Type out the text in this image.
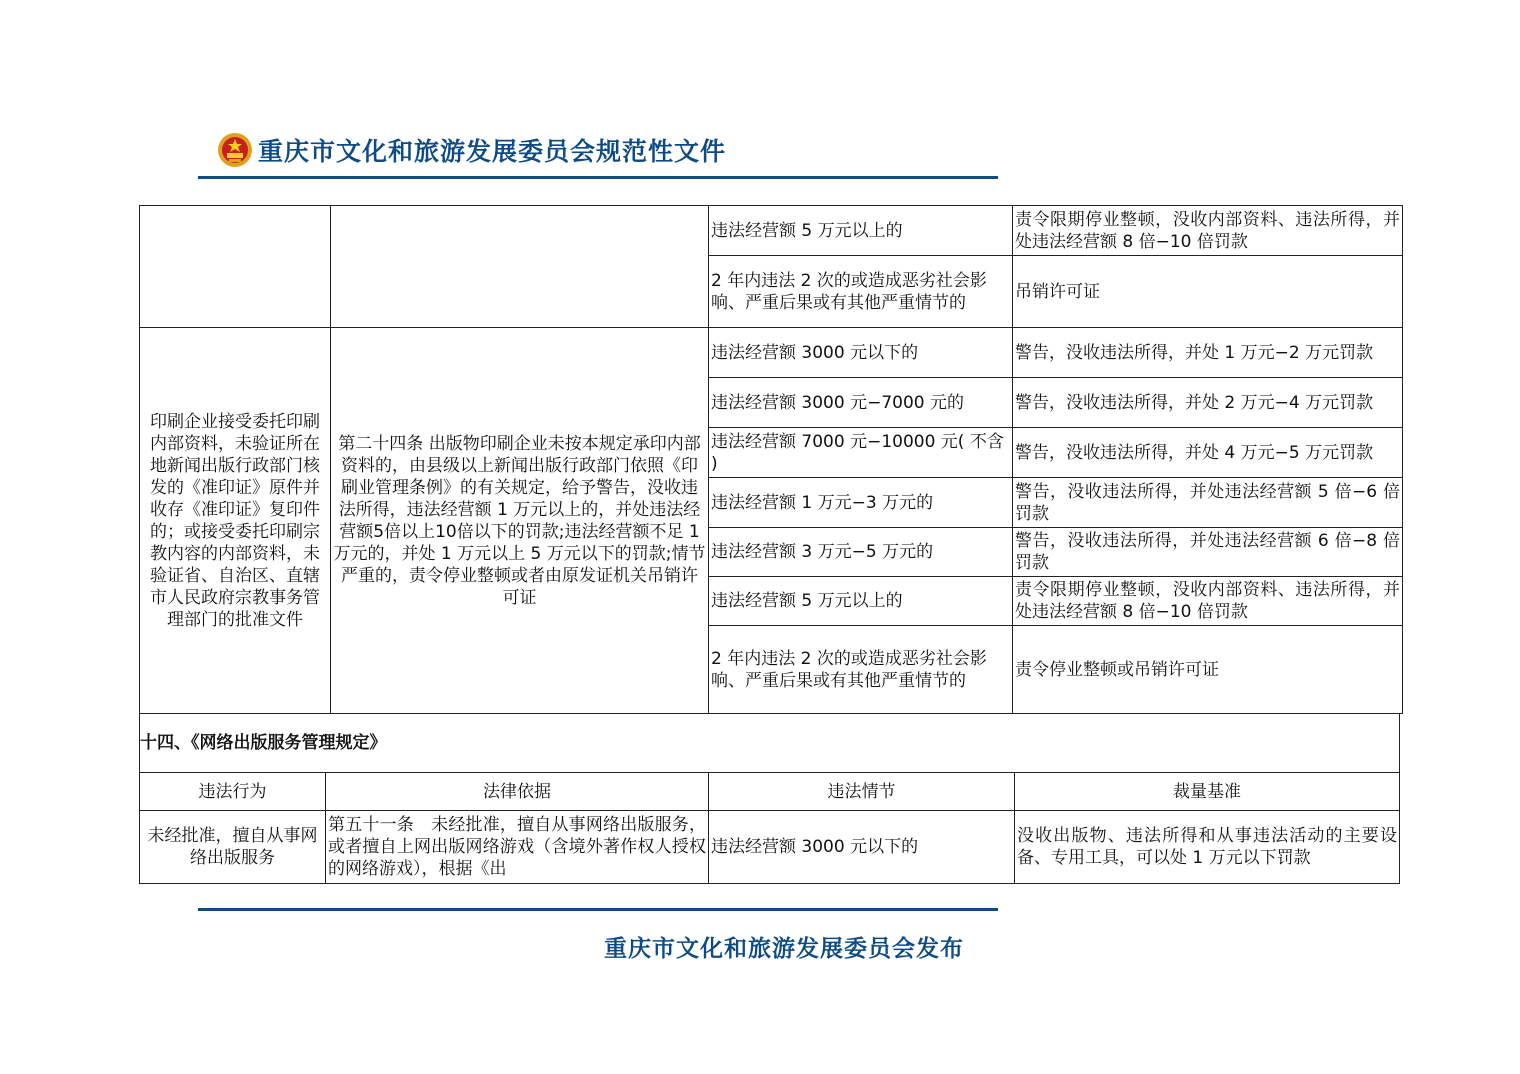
重庆市文化和旅游发展委员会规范性文件
		违法经营额 5 万元以上的	责令限期停业整顿，没收内部资料、违法所得，并处违法经营额 8 倍−10 倍罚款
		2 年内违法 2 次的或造成恶劣社会影响、严重后果或有其他严重情节的	吊销许可证
印刷企业接受委托印刷内部资料，未验证所在地新闻出版行政部门核发的《准印证》原件并收存《准印证》复印件的；或接受委托印刷宗教内容的内部资料，未验证省、自治区、直辖市人民政府宗教事务管理部门的批准文件	第二十四条 出版物印刷企业未按本规定承印内部资料的，由县级以上新闻出版行政部门依照《印刷业管理条例》的有关规定，给予警告，没收违法所得，违法经营额 1 万元以上的，并处违法经营额5倍以上10倍以下的罚款;违法经营额不足 1 万元的，并处 1 万元以上 5 万元以下的罚款;情节严重的，责令停业整顿或者由原发证机关吊销许可证	违法经营额 3000 元以下的	警告，没收违法所得，并处 1 万元−2 万元罚款
		违法经营额 3000 元−7000 元的	警告，没收违法所得，并处 2 万元−4 万元罚款
		违法经营额 7000 元−10000 元( 不含 )	警告，没收违法所得，并处 4 万元−5 万元罚款
		违法经营额 1 万元−3 万元的	警告，没收违法所得，并处违法经营额 5 倍−6 倍罚款
		违法经营额 3 万元−5 万元的	警告，没收违法所得，并处违法经营额 6 倍−8 倍罚款
		违法经营额 5 万元以上的	责令限期停业整顿，没收内部资料、违法所得，并处违法经营额 8 倍−10 倍罚款
		2 年内违法 2 次的或造成恶劣社会影响、严重后果或有其他严重情节的	责令停业整顿或吊销许可证
十四、《网络出版服务管理规定》			
违法行为	法律依据	违法情节	裁量基准
未经批准，擅自从事网络出版服务	第五十一条　未经批准，擅自从事网络出版服务，或者擅自上网出版网络游戏（含境外著作权人授权的网络游戏），根据《出	违法经营额 3000 元以下的	没收出版物、违法所得和从事违法活动的主要设备、专用工具，可以处 1 万元以下罚款
重庆市文化和旅游发展委员会发布
